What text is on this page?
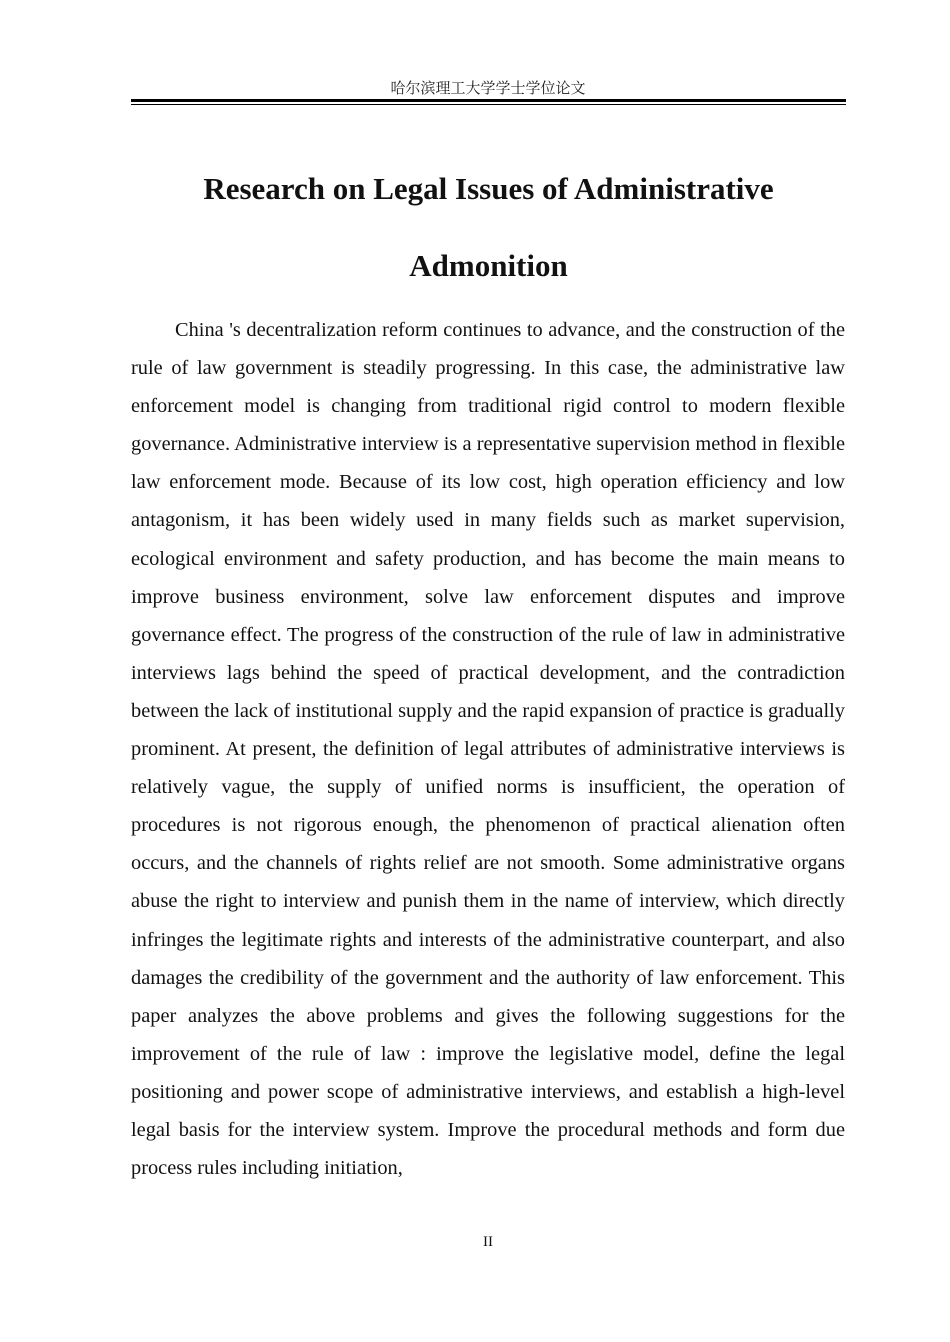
哈尔滨理工大学学士学位论文
Research on Legal Issues of Administrative Admonition

China 's decentralization reform continues to advance, and the construction of the rule of law government is steadily progressing. In this case, the administrative law enforcement model is changing from traditional rigid control to modern flexible governance. Administrative interview is a representative supervision method in flexible law enforcement mode. Because of its low cost, high operation efficiency and low antagonism, it has been widely used in many fields such as market supervision, ecological environment and safety production, and has become the main means to improve business environment, solve law enforcement disputes and improve governance effect. The progress of the construction of the rule of law in administrative interviews lags behind the speed of practical development, and the contradiction between the lack of institutional supply and the rapid expansion of practice is gradually prominent. At present, the definition of legal attributes of administrative interviews is relatively vague, the supply of unified norms is insufficient, the operation of procedures is not rigorous enough, the phenomenon of practical alienation often occurs, and the channels of rights relief are not smooth. Some administrative organs abuse the right to interview and punish them in the name of interview, which directly infringes the legitimate rights and interests of the administrative counterpart, and also damages the credibility of the government and the authority of law enforcement. This paper analyzes the above problems and gives the following suggestions for the improvement of the rule of law : improve the legislative model, define the legal positioning and power scope of administrative interviews, and establish a high-level legal basis for the interview system. Improve the procedural methods and form due process rules including initiation,

II
